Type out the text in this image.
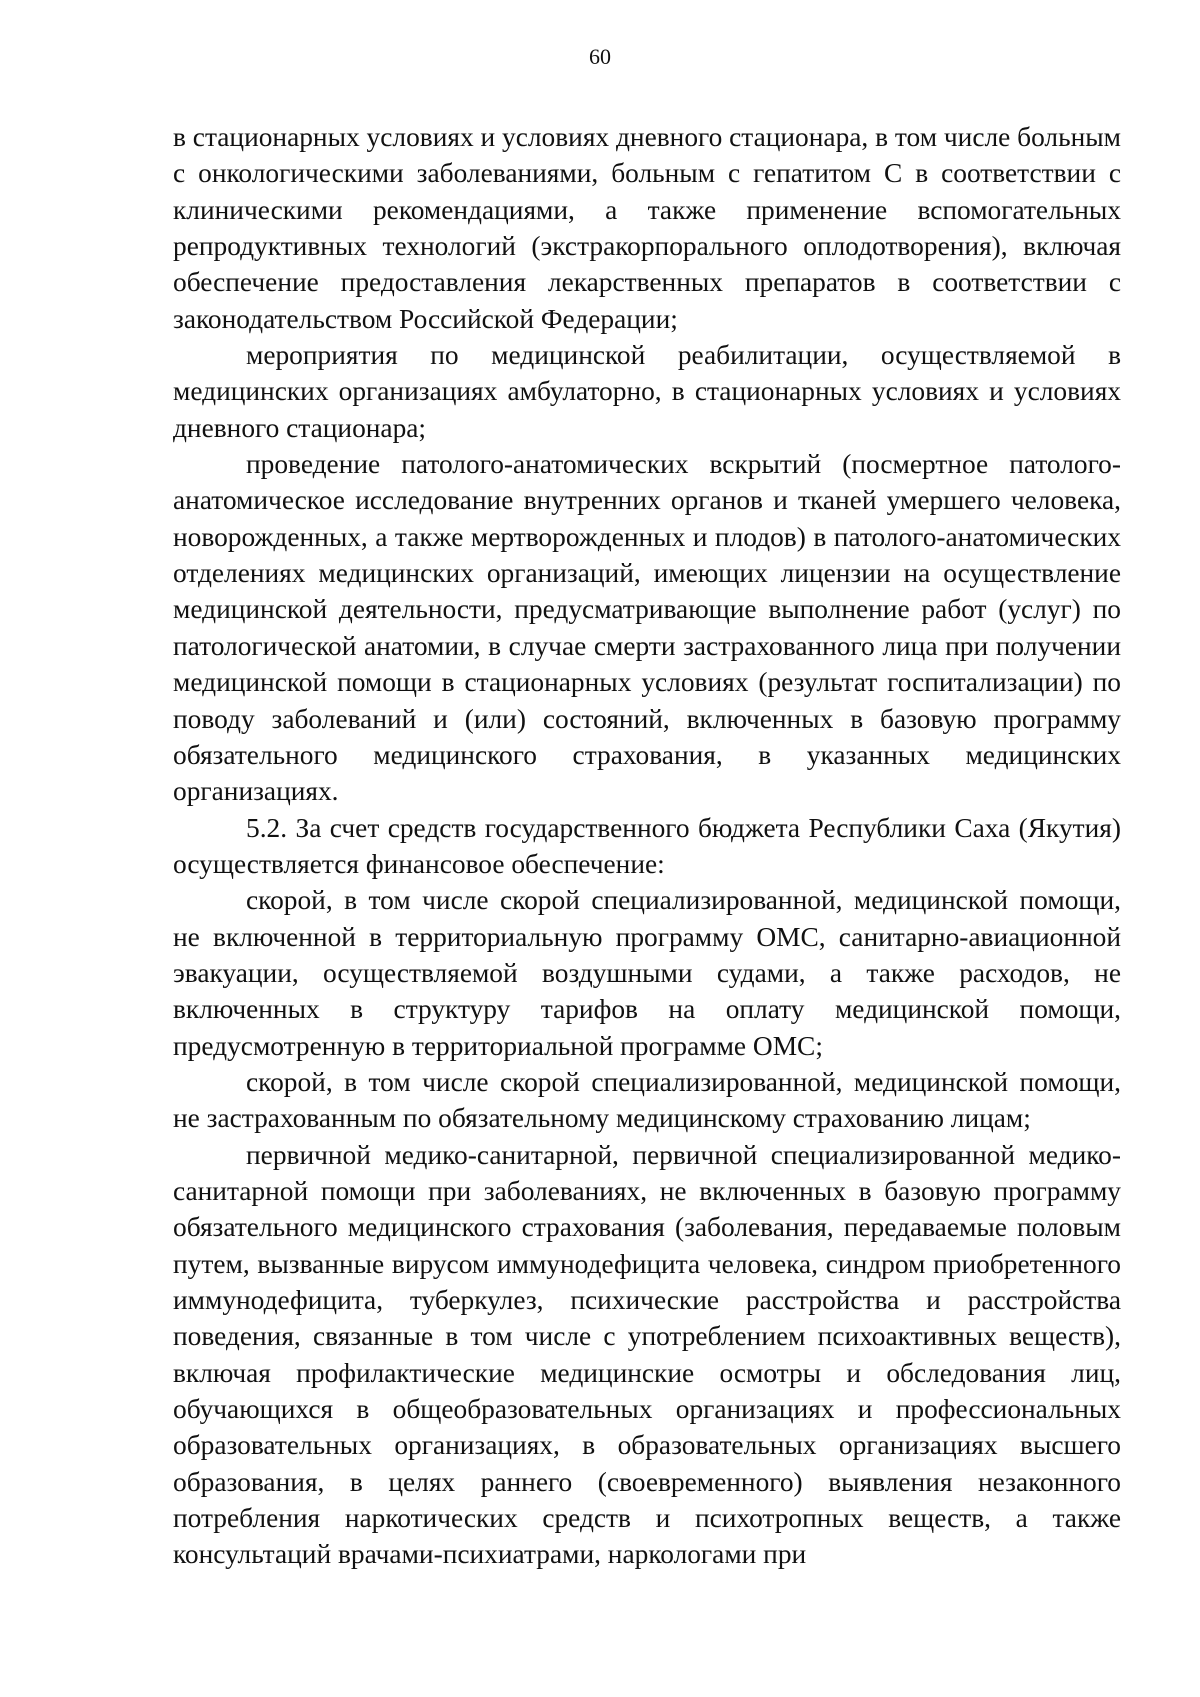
60

в стационарных условиях и условиях дневного стационара, в том числе больным с онкологическими заболеваниями, больным с гепатитом С в соответствии с клиническими рекомендациями, а также применение вспомогательных репродуктивных технологий (экстракорпорального оплодотворения), включая обеспечение предоставления лекарственных препаратов в соответствии с законодательством Российской Федерации;

мероприятия по медицинской реабилитации, осуществляемой в медицинских организациях амбулаторно, в стационарных условиях и условиях дневного стационара;

проведение патолого-анатомических вскрытий (посмертное патолого-анатомическое исследование внутренних органов и тканей умершего человека, новорожденных, а также мертворожденных и плодов) в патолого-анатомических отделениях медицинских организаций, имеющих лицензии на осуществление медицинской деятельности, предусматривающие выполнение работ (услуг) по патологической анатомии, в случае смерти застрахованного лица при получении медицинской помощи в стационарных условиях (результат госпитализации) по поводу заболеваний и (или) состояний, включенных в базовую программу обязательного медицинского страхования, в указанных медицинских организациях.

5.2. За счет средств государственного бюджета Республики Саха (Якутия) осуществляется финансовое обеспечение:

скорой, в том числе скорой специализированной, медицинской помощи, не включенной в территориальную программу ОМС, санитарно-авиационной эвакуации, осуществляемой воздушными судами, а также расходов, не включенных в структуру тарифов на оплату медицинской помощи, предусмотренную в территориальной программе ОМС;

скорой, в том числе скорой специализированной, медицинской помощи, не застрахованным по обязательному медицинскому страхованию лицам;

первичной медико-санитарной, первичной специализированной медико-санитарной помощи при заболеваниях, не включенных в базовую программу обязательного медицинского страхования (заболевания, передаваемые половым путем, вызванные вирусом иммунодефицита человека, синдром приобретенного иммунодефицита, туберкулез, психические расстройства и расстройства поведения, связанные в том числе с употреблением психоактивных веществ), включая профилактические медицинские осмотры и обследования лиц, обучающихся в общеобразовательных организациях и профессиональных образовательных организациях, в образовательных организациях высшего образования, в целях раннего (своевременного) выявления незаконного потребления наркотических средств и психотропных веществ, а также консультаций врачами-психиатрами, наркологами при
